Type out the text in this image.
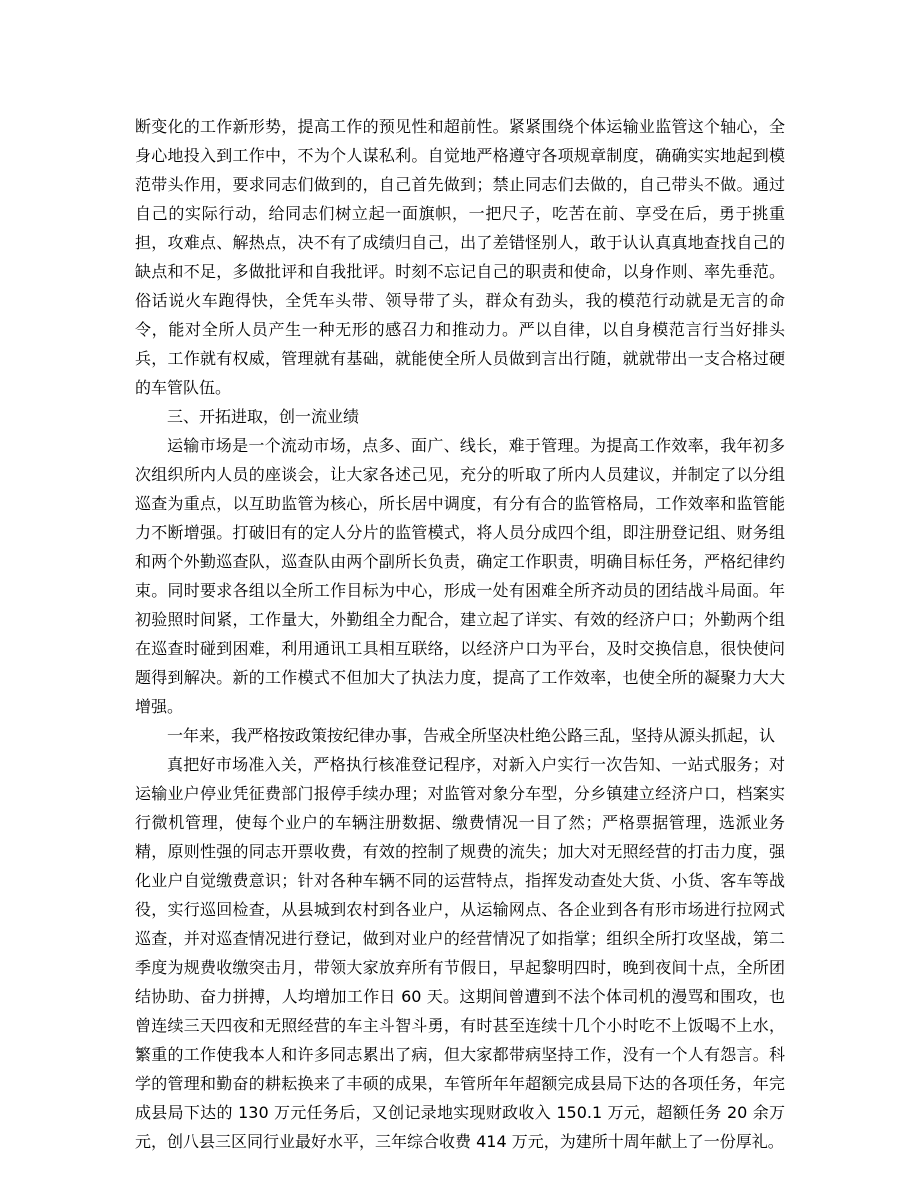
断变化的工作新形势，提高工作的预见性和超前性。紧紧围绕个体运输业监管这个轴心，全身心地投入到工作中，不为个人谋私利。自觉地严格遵守各项规章制度，确确实实地起到模范带头作用，要求同志们做到的，自己首先做到；禁止同志们去做的，自己带头不做。通过自己的实际行动，给同志们树立起一面旗帜，一把尺子，吃苦在前、享受在后，勇于挑重担，攻难点、解热点，决不有了成绩归自己，出了差错怪别人，敢于认认真真地查找自己的缺点和不足，多做批评和自我批评。时刻不忘记自己的职责和使命，以身作则、率先垂范。俗话说火车跑得快，全凭车头带、领导带了头，群众有劲头，我的模范行动就是无言的命令，能对全所人员产生一种无形的感召力和推动力。严以自律，以自身模范言行当好排头兵，工作就有权威，管理就有基础，就能使全所人员做到言出行随，就就带出一支合格过硬的车管队伍。

三、开拓进取，创一流业绩

运输市场是一个流动市场，点多、面广、线长，难于管理。为提高工作效率，我年初多次组织所内人员的座谈会，让大家各述己见，充分的听取了所内人员建议，并制定了以分组巡查为重点，以互助监管为核心，所长居中调度，有分有合的监管格局，工作效率和监管能力不断增强。打破旧有的定人分片的监管模式，将人员分成四个组，即注册登记组、财务组和两个外勤巡查队，巡查队由两个副所长负责，确定工作职责，明确目标任务，严格纪律约束。同时要求各组以全所工作目标为中心，形成一处有困难全所齐动员的团结战斗局面。年初验照时间紧，工作量大，外勤组全力配合，建立起了详实、有效的经济户口；外勤两个组在巡查时碰到困难，利用通讯工具相互联络，以经济户口为平台，及时交换信息，很快使问题得到解决。新的工作模式不但加大了执法力度，提高了工作效率，也使全所的凝聚力大大增强。

一年来，我严格按政策按纪律办事，告戒全所坚决杜绝公路三乱，坚持从源头抓起，认

真把好市场准入关，严格执行核准登记程序，对新入户实行一次告知、一站式服务；对运输业户停业凭征费部门报停手续办理；对监管对象分车型，分乡镇建立经济户口，档案实行微机管理，使每个业户的车辆注册数据、缴费情况一目了然；严格票据管理，选派业务精，原则性强的同志开票收费，有效的控制了规费的流失；加大对无照经营的打击力度，强化业户自觉缴费意识；针对各种车辆不同的运营特点，指挥发动查处大货、小货、客车等战役，实行巡回检查，从县城到农村到各业户，从运输网点、各企业到各有形市场进行拉网式巡查，并对巡查情况进行登记，做到对业户的经营情况了如指掌；组织全所打攻坚战，第二季度为规费收缴突击月，带领大家放弃所有节假日，早起黎明四时，晚到夜间十点，全所团结协助、奋力拼搏，人均增加工作日 60 天。这期间曾遭到不法个体司机的漫骂和围攻，也曾连续三天四夜和无照经营的车主斗智斗勇，有时甚至连续十几个小时吃不上饭喝不上水，繁重的工作使我本人和许多同志累出了病，但大家都带病坚持工作，没有一个人有怨言。科学的管理和勤奋的耕耘换来了丰硕的成果，车管所年年超额完成县局下达的各项任务，年完成县局下达的 130 万元任务后，又创记录地实现财政收入 150.1 万元，超额任务 20 余万元，创八县三区同行业最好水平，三年综合收费 414 万元，为建所十周年献上了一份厚礼。
